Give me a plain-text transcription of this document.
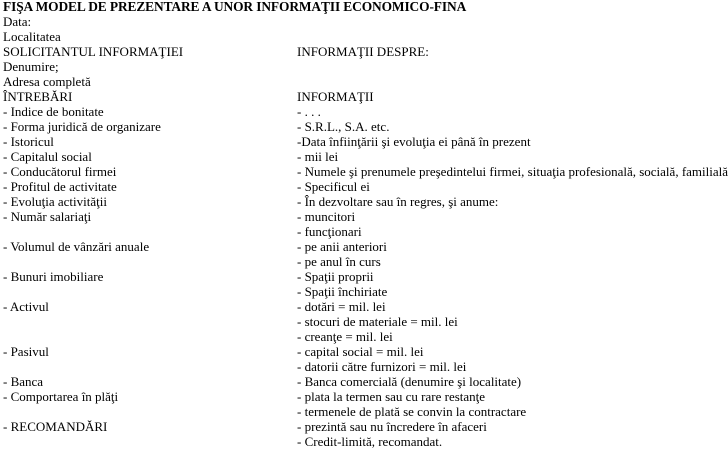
FIŞA MODEL DE PREZENTARE A UNOR INFORMAŢII ECONOMICO-FINA
Data:
Localitatea
SOLICITANTUL INFORMAŢIEI	INFORMAŢII DESPRE:
Denumire;
Adresa completă
ÎNTREBĂRI	INFORMAŢII
- Indice de bonitate	- . . .
- Forma juridică de organizare	- S.R.L., S.A. etc.
- Istoricul	-Data înfiinţării şi evoluţia ei până în prezent
- Capitalul social	- mii lei
- Conducătorul firmei	- Numele şi prenumele preşedintelui firmei, situaţia profesională, socială, familială
- Profitul de activitate	- Specificul ei
- Evoluţia activităţii	- În dezvoltare sau în regres, şi anume:
- Număr salariaţi	- muncitori
- funcţionari
- Volumul de vânzări anuale	- pe anii anteriori
- pe anul în curs
- Bunuri imobiliare	- Spaţii proprii
- Spaţii închiriate
- Activul	- dotări = mil. lei
- stocuri de materiale = mil. lei
- creanţe = mil. lei
- Pasivul	- capital social = mil. lei
- datorii către furnizori = mil. lei
- Banca	- Banca comercială (denumire şi localitate)
- Comportarea în plăţi	- plata la termen sau cu rare restanţe
- termenele de plată se convin la contractare
- RECOMANDĂRI	- prezintă sau nu încredere în afaceri
- Credit-limită, recomandat.
